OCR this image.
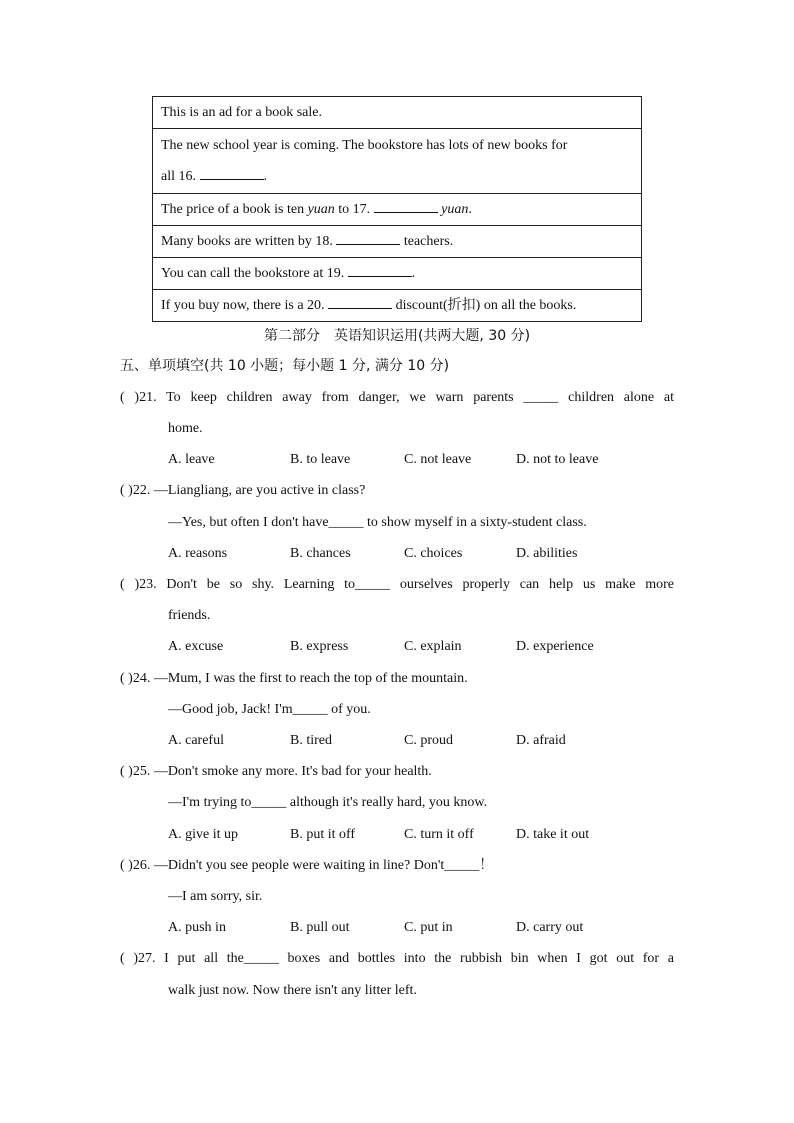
This is an ad for a book sale.
The new school year is coming. The bookstore has lots of new books for
all 16.	.
The price of a book is ten yuan to 17.	yuan.
Many books are written by 18.	teachers.
You can call the bookstore at 19.	.
If you buy now, there is a 20.	discount(折扣) on all the books.
第二部分　英语知识运用(共两大题, 30 分)
五、单项填空(共 10 小题；每小题 1 分, 满分 10 分)
( )21. To keep children away from danger, we warn parents _____ children alone at
home.
A. leave	B. to leave	C. not leave	D. not to leave
( )22. —Liangliang, are you active in class?
—Yes, but often I don't have_____ to show myself in a sixty-student class.
A. reasons	B. chances	C. choices	D. abilities
( )23. Don't be so shy. Learning to_____ ourselves properly can help us make more
friends.
A. excuse	B. express	C. explain	D. experience
( )24. —Mum, I was the first to reach the top of the mountain.
—Good job, Jack! I'm_____ of you.
A. careful	B. tired	C. proud	D. afraid
( )25. —Don't smoke any more. It's bad for your health.
—I'm trying to_____ although it's really hard, you know.
A. give it up	B. put it off	C. turn it off	D. take it out
( )26. —Didn't you see people were waiting in line? Don't_____！
—I am sorry, sir.
A. push in	B. pull out	C. put in	D. carry out
( )27. I put all the_____ boxes and bottles into the rubbish bin when I got out for a
walk just now. Now there isn't any litter left.
